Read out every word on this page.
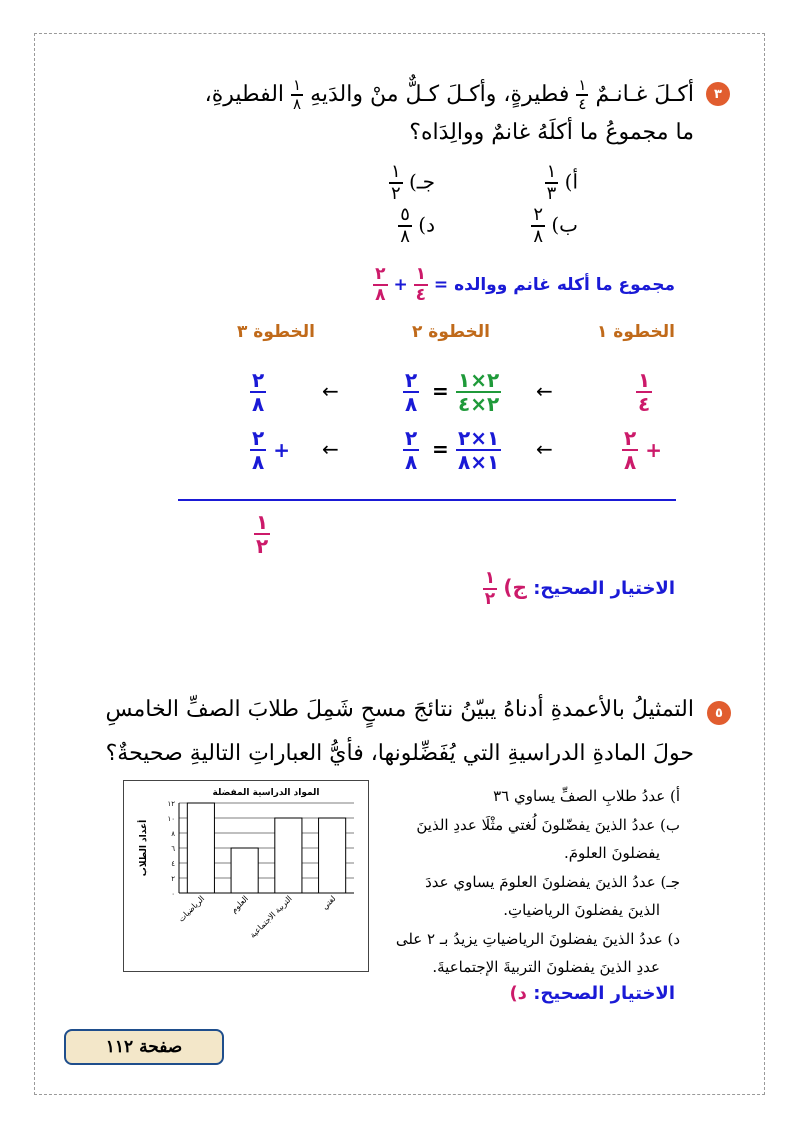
٣
أكـلَ غـانـمٌ
$\frac{١}{٤}$
فطيرةٍ، وأكـلَ كـلٌّ منْ والدَيهِ
$\frac{١}{٨}$
الفطيرةِ،
ما مجموعُ ما أكلَهُ غانمٌ ووالِدَاه؟
أ)
$\frac{١}{٣}$
جـ)
$\frac{١}{٢}$
ب)
$\frac{٢}{٨}$
د)
$\frac{٥}{٨}$
مجموع ما أكله غانم ووالده =
$\frac{١}{٤}$
+
$\frac{٢}{٨}$
الخطوة ١
الخطوة ٢
الخطوة ٣
$\frac{١}{٤}$
←
$\frac{٢\times ١}{٢\times ٤}$
=
$\frac{٢}{٨}$
←
$\frac{٢}{٨}$
$\frac{٢}{٨}$ +
←
$\frac{١\times ٢}{١\times ٨}$
=
$\frac{٢}{٨}$
←
$\frac{٢}{٨}$ +
$\frac{١}{٢}$
الاختيار الصحيح: ج)
$\frac{١}{٢}$
٥
التمثيلُ بالأعمدةِ أدناهُ يبيّنُ نتائجَ مسحٍ شَمِلَ طلابَ الصفِّ الخامسِ
حولَ المادةِ الدراسيةِ التي يُفَضِّلونها، فأيُّ العباراتِ التاليةِ صحيحةٌ؟
أ) عددُ طلابِ الصفِّ يساوي ٣٦
ب) عددُ الذينَ يفضّلونَ لُغتي مثْلَا عددِ الذينَ
يفضلونَ العلومَ.
جـ) عددُ الذينَ يفضلونَ العلومَ يساوي عددَ
الذينَ يفضلونَ الرياضياتِ.
د) عددُ الذينَ يفضلونَ الرياضياتِ يزيدُ بـ ٢ على
عددِ الذينَ يفضلونَ التربيةَ الإجتماعيةَ.
المواد الدراسية المفضلة
٠
٢
٤
٦
٨
١٠
١٢
أعداد الطلاب
الرياضيات	العلوم
التربية الاجتماعية	لغتي
الاختيار الصحيح: د)
صفحة ١١٢
